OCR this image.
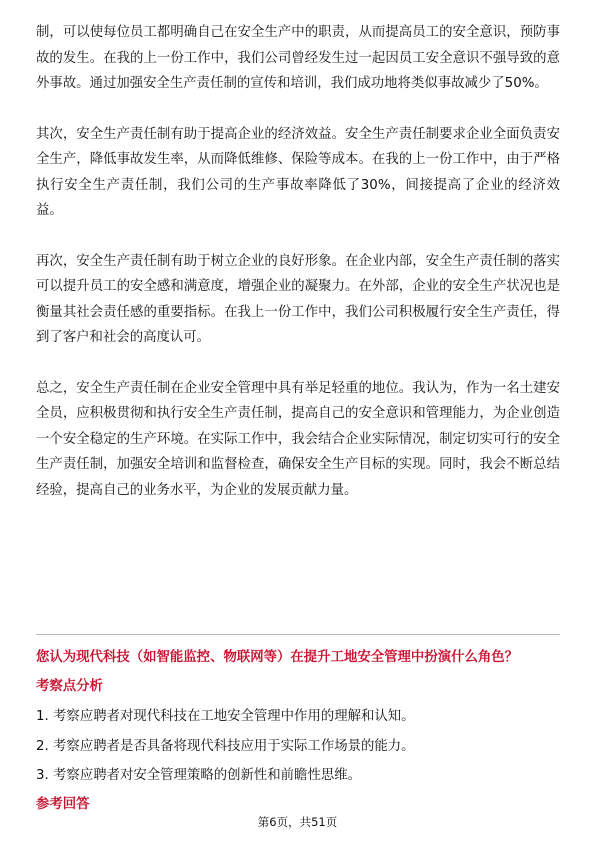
制，可以使每位员工都明确自己在安全生产中的职责，从而提高员工的安全意识，预防事故的发生。在我的上一份工作中，我们公司曾经发生过一起因员工安全意识不强导致的意外事故。通过加强安全生产责任制的宣传和培训，我们成功地将类似事故减少了50%。

其次，安全生产责任制有助于提高企业的经济效益。安全生产责任制要求企业全面负责安全生产，降低事故发生率，从而降低维修、保险等成本。在我的上一份工作中，由于严格执行安全生产责任制，我们公司的生产事故率降低了30%，间接提高了企业的经济效益。

再次，安全生产责任制有助于树立企业的良好形象。在企业内部，安全生产责任制的落实可以提升员工的安全感和满意度，增强企业的凝聚力。在外部，企业的安全生产状况也是衡量其社会责任感的重要指标。在我上一份工作中，我们公司积极履行安全生产责任，得到了客户和社会的高度认可。

总之，安全生产责任制在企业安全管理中具有举足轻重的地位。我认为，作为一名土建安全员，应积极贯彻和执行安全生产责任制，提高自己的安全意识和管理能力，为企业创造一个安全稳定的生产环境。在实际工作中，我会结合企业实际情况，制定切实可行的安全生产责任制，加强安全培训和监督检查，确保安全生产目标的实现。同时，我会不断总结经验，提高自己的业务水平，为企业的发展贡献力量。

您认为现代科技（如智能监控、物联网等）在提升工地安全管理中扮演什么角色？

考察点分析

1. 考察应聘者对现代科技在工地安全管理中作用的理解和认知。
2. 考察应聘者是否具备将现代科技应用于实际工作场景的能力。
3. 考察应聘者对安全管理策略的创新性和前瞻性思维。

参考回答

第6页，共51页
